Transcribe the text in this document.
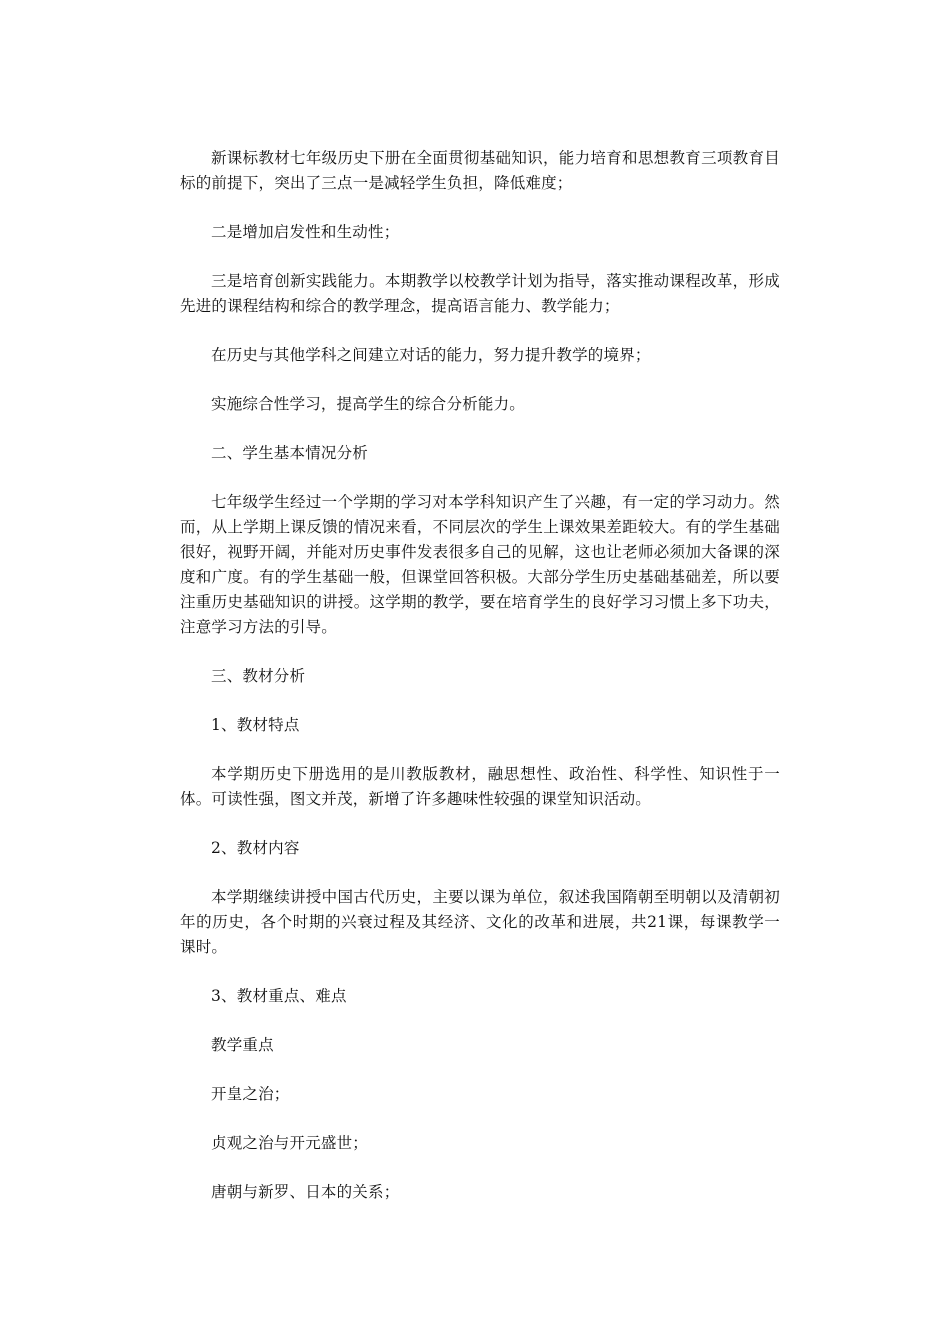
新课标教材七年级历史下册在全面贯彻基础知识，能力培育和思想教育三项教育目标的前提下，突出了三点一是减轻学生负担，降低难度；

二是增加启发性和生动性；

三是培育创新实践能力。本期教学以校教学计划为指导，落实推动课程改革，形成先进的课程结构和综合的教学理念，提高语言能力、教学能力；

在历史与其他学科之间建立对话的能力，努力提升教学的境界；

实施综合性学习，提高学生的综合分析能力。

二、学生基本情况分析

七年级学生经过一个学期的学习对本学科知识产生了兴趣，有一定的学习动力。然而，从上学期上课反馈的情况来看，不同层次的学生上课效果差距较大。有的学生基础很好，视野开阔，并能对历史事件发表很多自己的见解，这也让老师必须加大备课的深度和广度。有的学生基础一般，但课堂回答积极。大部分学生历史基础基础差，所以要注重历史基础知识的讲授。这学期的教学，要在培育学生的良好学习习惯上多下功夫，注意学习方法的引导。

三、教材分析

1、教材特点

本学期历史下册选用的是川教版教材，融思想性、政治性、科学性、知识性于一体。可读性强，图文并茂，新增了许多趣味性较强的课堂知识活动。

2、教材内容

本学期继续讲授中国古代历史，主要以课为单位，叙述我国隋朝至明朝以及清朝初年的历史，各个时期的兴衰过程及其经济、文化的改革和进展，共21课，每课教学一课时。

3、教材重点、难点

教学重点

开皇之治；

贞观之治与开元盛世；

唐朝与新罗、日本的关系；
